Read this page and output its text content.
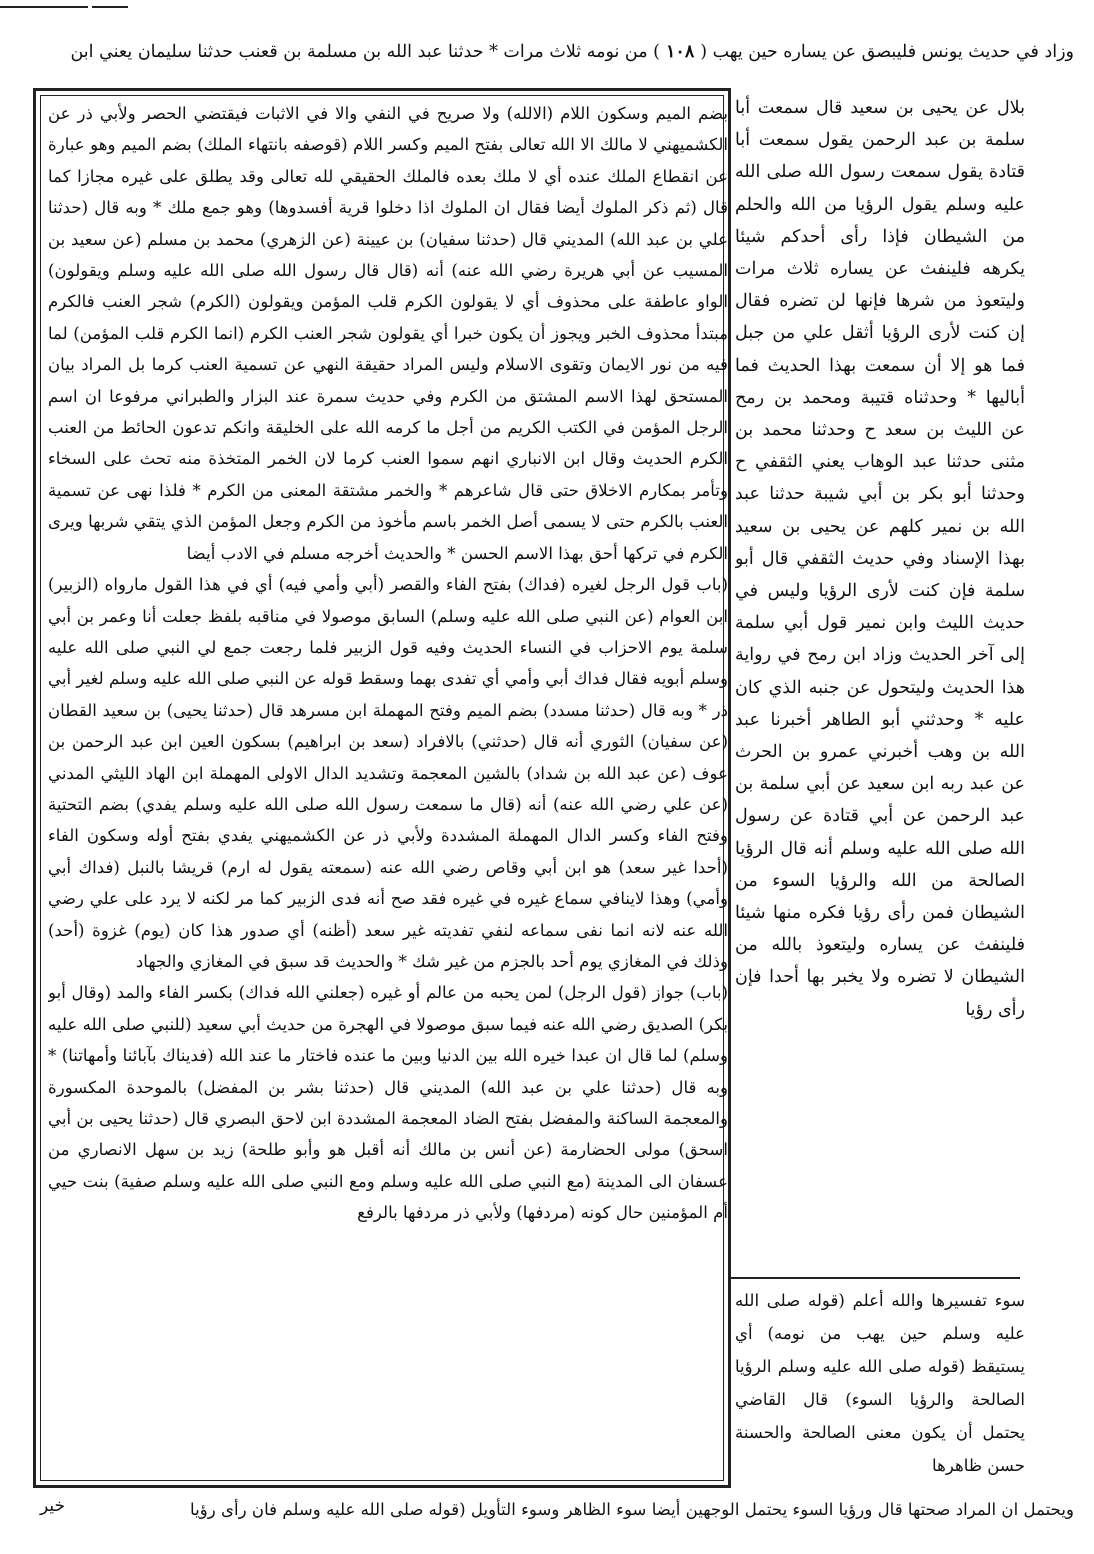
وزاد في حديث يونس فليبصق عن يساره حين يهب (١٠٨) من نومه ثلاث مرات * حدثنا عبد الله بن مسلمة بن قعنب حدثنا سليمان يعني ابن

بضم الميم وسكون اللام (الالله) ولا صريح في النفي والا في الاثبات فيقتضي الحصر ولأبي ذر عن الكشميهني لا مالك الا الله تعالى بفتح الميم وكسر اللام (قوصفه بانتهاء الملك) بضم الميم وهو عبارة عن انقطاع الملك عنده أي لا ملك بعده فالملك الحقيقي لله تعالى وقد يطلق على غيره مجازا كما قال (ثم ذكر الملوك أيضا فقال ان الملوك اذا دخلوا قرية أفسدوها) وهو جمع ملك * وبه قال (حدثنا علي بن عبد الله) المديني قال (حدثنا سفيان) بن عيينة (عن الزهري) محمد بن مسلم (عن سعيد بن المسيب عن أبي هريرة رضي الله عنه) أنه (قال قال رسول الله صلى الله عليه وسلم ويقولون) الواو عاطفة على محذوف أي لا يقولون الكرم قلب المؤمن ويقولون (الكرم) شجر العنب فالكرم مبتدأ محذوف الخبر ويجوز أن يكون خبرا أي يقولون شجر العنب الكرم (انما الكرم قلب المؤمن) لما فيه من نور الايمان وتقوى الاسلام وليس المراد حقيقة النهي عن تسمية العنب كرما بل المراد بيان المستحق لهذا الاسم المشتق من الكرم وفي حديث سمرة عند البزار والطبراني مرفوعا ان اسم الرجل المؤمن في الكتب الكريم من أجل ما كرمه الله على الخليقة وانكم تدعون الحائط من العنب الكرم الحديث وقال ابن الانباري انهم سموا العنب كرما لان الخمر المتخذة منه تحث على السخاء وتأمر بمكارم الاخلاق حتى قال شاعرهم * والخمر مشتقة المعنى من الكرم * فلذا نهى عن تسمية العنب بالكرم حتى لا يسمى أصل الخمر باسم مأخوذ من الكرم وجعل المؤمن الذي يتقي شربها ويرى الكرم في تركها أحق بهذا الاسم الحسن * والحديث أخرجه مسلم في الادب أيضا

(باب قول الرجل لغيره (فداك) بفتح الفاء والقصر (أبي وأمي فيه) أي في هذا القول مارواه (الزبير) ابن العوام (عن النبي صلى الله عليه وسلم) السابق موصولا في مناقبه بلفظ جعلت أنا وعمر بن أبي سلمة يوم الاحزاب في النساء الحديث وفيه قول الزبير فلما رجعت جمع لي النبي صلى الله عليه وسلم أبويه فقال فداك أبي وأمي أي تفدى بهما وسقط قوله عن النبي صلى الله عليه وسلم لغير أبي ذر * وبه قال (حدثنا مسدد) بضم الميم وفتح المهملة ابن مسرهد قال (حدثنا يحيى) بن سعيد القطان (عن سفيان) الثوري أنه قال (حدثني) بالافراد (سعد بن ابراهيم) بسكون العين ابن عبد الرحمن بن عوف (عن عبد الله بن شداد) بالشين المعجمة وتشديد الدال الاولى المهملة ابن الهاد الليثي المدني (عن علي رضي الله عنه) أنه (قال ما سمعت رسول الله صلى الله عليه وسلم يفدي) بضم التحتية وفتح الفاء وكسر الدال المهملة المشددة ولأبي ذر عن الكشميهني يفدي بفتح أوله وسكون الفاء (أحدا غير سعد) هو ابن أبي وقاص رضي الله عنه (سمعته يقول له ارم) قريشا بالنبل (فداك أبي وأمي) وهذا لاينافي سماع غيره في غيره فقد صح أنه فدى الزبير كما مر لكنه لا يرد على علي رضي الله عنه لانه انما نفى سماعه لنفي تفديته غير سعد (أظنه) أي صدور هذا كان (يوم) غزوة (أحد) وذلك في المغازي يوم أحد بالجزم من غير شك * والحديث قد سبق في المغازي والجهاد

(باب) جواز (قول الرجل) لمن يحبه من عالم أو غيره (جعلني الله فداك) بكسر الفاء والمد (وقال أبو بكر) الصديق رضي الله عنه فيما سبق موصولا في الهجرة من حديث أبي سعيد (للنبي صلى الله عليه وسلم) لما قال ان عبدا خيره الله بين الدنيا وبين ما عنده فاختار ما عند الله (فديناك بآبائنا وأمهاتنا) * وبه قال (حدثنا علي بن عبد الله) المديني قال (حدثنا بشر بن المفضل) بالموحدة المكسورة والمعجمة الساكنة والمفضل بفتح الضاد المعجمة المشددة ابن لاحق البصري قال (حدثنا يحيى بن أبي اسحق) مولى الحضارمة (عن أنس بن مالك أنه أقبل هو وأبو طلحة) زيد بن سهل الانصاري من عسفان الى المدينة (مع النبي صلى الله عليه وسلم ومع النبي صلى الله عليه وسلم صفية) بنت حيي أم المؤمنين حال كونه (مردفها) ولأبي ذر مردفها بالرفع

بلال عن يحيى بن سعيد قال سمعت أبا سلمة بن عبد الرحمن يقول سمعت أبا قتادة يقول سمعت رسول الله صلى الله عليه وسلم يقول الرؤيا من الله والحلم من الشيطان فإذا رأى أحدكم شيئا يكرهه فلينفث عن يساره ثلاث مرات وليتعوذ من شرها فإنها لن تضره فقال إن كنت لأرى الرؤيا أثقل علي من جبل فما هو إلا أن سمعت بهذا الحديث فما أباليها * وحدثناه قتيبة ومحمد بن رمح عن الليث بن سعد ح وحدثنا محمد بن مثنى حدثنا عبد الوهاب يعني الثقفي ح وحدثنا أبو بكر بن أبي شيبة حدثنا عبد الله بن نمير كلهم عن يحيى بن سعيد بهذا الإسناد وفي حديث الثقفي قال أبو سلمة فإن كنت لأرى الرؤيا وليس في حديث الليث وابن نمير قول أبي سلمة إلى آخر الحديث وزاد ابن رمح في رواية هذا الحديث وليتحول عن جنبه الذي كان عليه * وحدثني أبو الطاهر أخبرنا عبد الله بن وهب أخبرني عمرو بن الحرث عن عبد ربه ابن سعيد عن أبي سلمة بن عبد الرحمن عن أبي قتادة عن رسول الله صلى الله عليه وسلم أنه قال الرؤيا الصالحة من الله والرؤيا السوء من الشيطان فمن رأى رؤيا فكره منها شيئا فلينفث عن يساره وليتعوذ بالله من الشيطان لا تضره ولا يخبر بها أحدا فإن رأى رؤيا
سوء تفسيرها والله أعلم (قوله صلى الله عليه وسلم حين يهب من نومه) أي يستيقظ (قوله صلى الله عليه وسلم الرؤيا الصالحة والرؤيا السوء) قال القاضي يحتمل أن يكون معنى الصالحة والحسنة حسن ظاهرها
ويحتمل ان المراد صحتها قال ورؤيا السوء يحتمل الوجهين أيضا سوء الظاهر وسوء التأويل (قوله صلى الله عليه وسلم فان رأى رؤيا
خير
